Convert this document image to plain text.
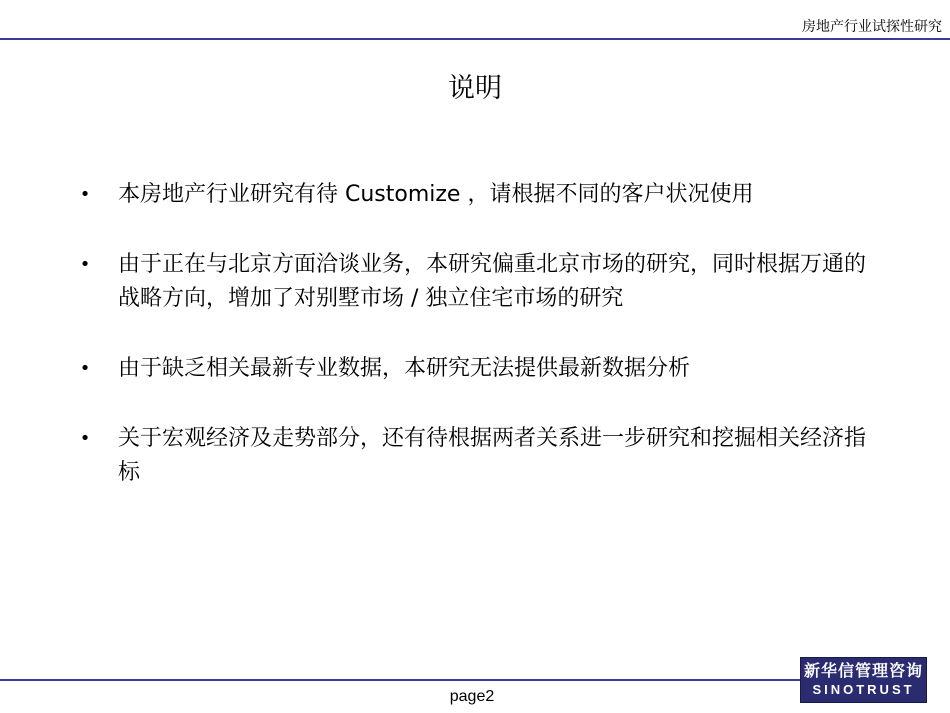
房地产行业试探性研究
说明
• 本房地产行业研究有待 Customize ，请根据不同的客户状况使用
• 由于正在与北京方面洽谈业务，本研究偏重北京市场的研究，同时根据万通的战略方向，增加了对别墅市场 / 独立住宅市场的研究
• 由于缺乏相关最新专业数据，本研究无法提供最新数据分析
• 关于宏观经济及走势部分，还有待根据两者关系进一步研究和挖掘相关经济指标
page2
新华信管理咨询
SINOTRUST
